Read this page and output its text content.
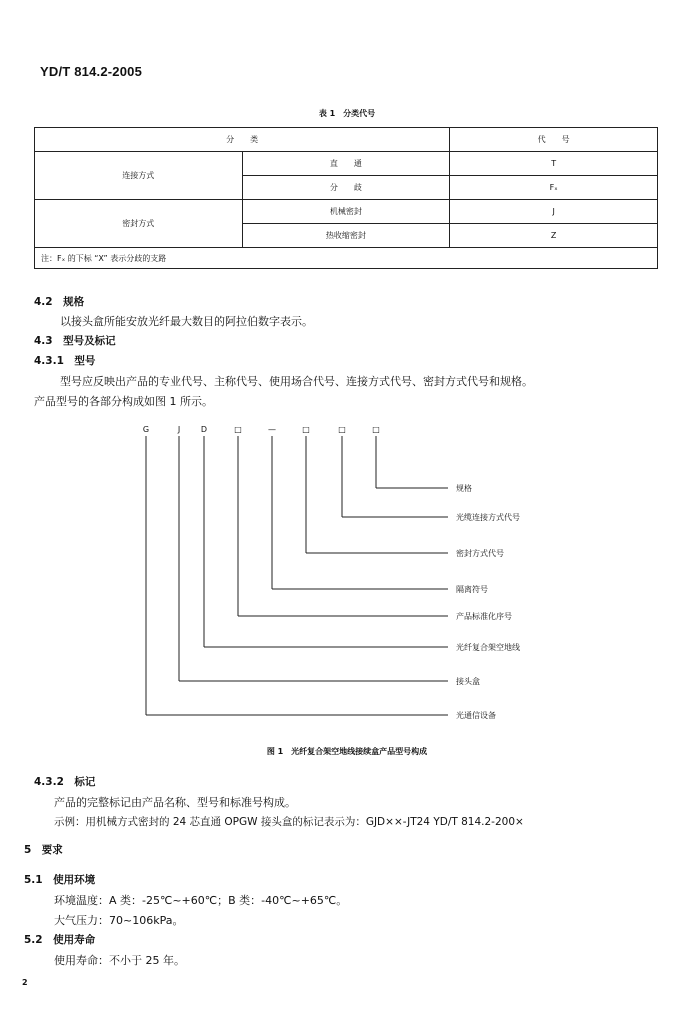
YD/T 814.2-2005
表 1　分类代号
分　　类		代　　号
连接方式	直　　通	T
	分　　歧	Fₓ
密封方式	机械密封	J
	热收缩密封	Z
注：Fₓ 的下标 “X” 表示分歧的支路		
4.2　规格
以接头盒所能安放光纤最大数目的阿拉伯数字表示。
4.3　型号及标记
4.3.1　型号
型号应反映出产品的专业代号、主称代号、使用场合代号、连接方式代号、密封方式代号和规格。
产品型号的各部分构成如图 1 所示。
G	J	D	□	—	□	□	□
规格
光缆连接方式代号
密封方式代号
隔离符号
产品标准化序号
光纤复合架空地线
接头盒
光通信设备
图 1　光纤复合架空地线接续盒产品型号构成
4.3.2　标记
产品的完整标记由产品名称、型号和标准号构成。
示例：用机械方式密封的 24 芯直通 OPGW 接头盒的标记表示为：GJD××-JT24 YD/T 814.2-200×
5　要求
5.1　使用环境
环境温度：A 类：-25℃~+60℃；B 类：-40℃~+65℃。
大气压力：70~106kPa。
5.2　使用寿命
使用寿命：不小于 25 年。
2
